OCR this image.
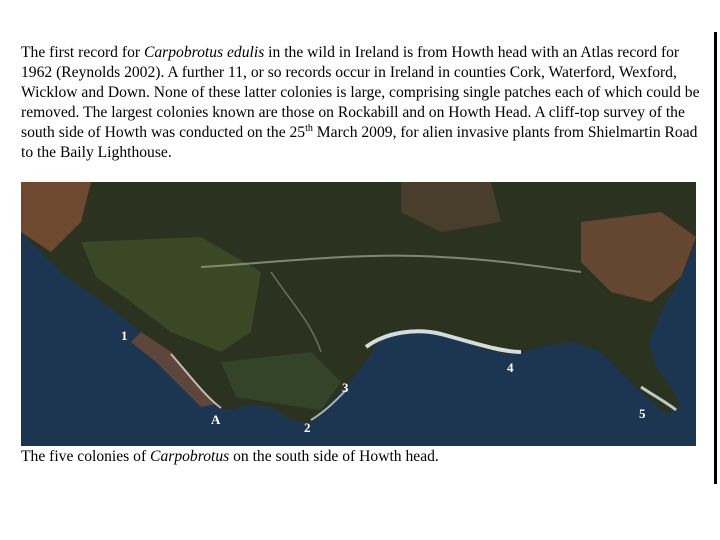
The first record for Carpobrotus edulis in the wild in Ireland is from Howth head with an Atlas record for 1962 (Reynolds 2002). A further 11, or so records occur in Ireland in counties Cork, Waterford, Wexford, Wicklow and Down. None of these latter colonies is large, comprising single patches each of which could be removed. The largest colonies known are those on Rockabill and on Howth Head. A cliff-top survey of the south side of Howth was conducted on the 25th March 2009, for alien invasive plants from Shielmartin Road to the Baily Lighthouse.

1
A
2
3
4
5

The five colonies of Carpobrotus on the south side of Howth head.
